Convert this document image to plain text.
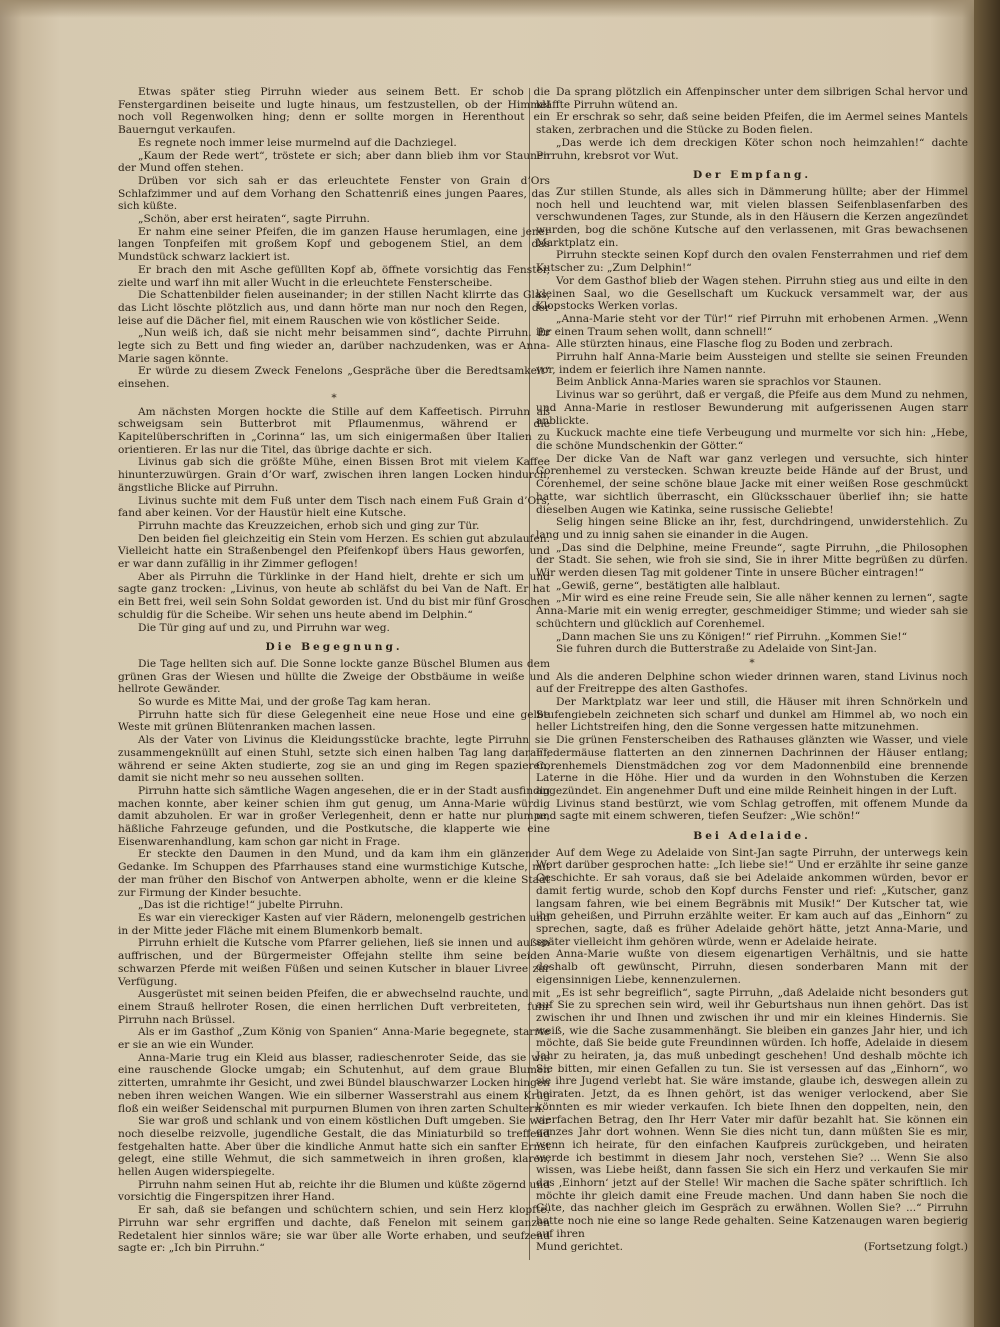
Etwas später stieg Pirruhn wieder aus seinem Bett. Er schob die Fenstergardinen beiseite und lugte hinaus, um festzustellen, ob der Himmel noch voll Regenwolken hing; denn er sollte morgen in Herenthout ein Bauerngut verkaufen.

Es regnete noch immer leise murmelnd auf die Dachziegel.

„Kaum der Rede wert“, tröstete er sich; aber dann blieb ihm vor Staunen der Mund offen stehen.

Drüben vor sich sah er das erleuchtete Fenster von Grain d’Ors Schlafzimmer und auf dem Vorhang den Schattenriß eines jungen Paares, das sich küßte.

„Schön, aber erst heiraten“, sagte Pirruhn.

Er nahm eine seiner Pfeifen, die im ganzen Hause herumlagen, eine jener langen Tonpfeifen mit großem Kopf und gebogenem Stiel, an dem das Mundstück schwarz lackiert ist.

Er brach den mit Asche gefüllten Kopf ab, öffnete vorsichtig das Fenster, zielte und warf ihn mit aller Wucht in die erleuchtete Fensterscheibe.

Die Schattenbilder fielen auseinander; in der stillen Nacht klirrte das Glas, das Licht löschte plötzlich aus, und dann hörte man nur noch den Regen, der leise auf die Dächer fiel, mit einem Rauschen wie von köstlicher Seide.

„Nun weiß ich, daß sie nicht mehr beisammen sind“, dachte Pirruhn. Er legte sich zu Bett und fing wieder an, darüber nachzudenken, was er Anna-Marie sagen könnte.

Er würde zu diesem Zweck Fenelons „Gespräche über die Beredtsamkeit“ einsehen.

*

Am nächsten Morgen hockte die Stille auf dem Kaffeetisch. Pirruhn aß schweigsam sein Butterbrot mit Pflaumenmus, während er die Kapitelüberschriften in „Corinna“ las, um sich einigermaßen über Italien zu orientieren. Er las nur die Titel, das übrige dachte er sich.

Livinus gab sich die größte Mühe, einen Bissen Brot mit vielem Kaffee hinunterzuwürgen. Grain d’Or warf, zwischen ihren langen Locken hindurch, ängstliche Blicke auf Pirruhn.

Livinus suchte mit dem Fuß unter dem Tisch nach einem Fuß Grain d’Ors, fand aber keinen. Vor der Haustür hielt eine Kutsche.

Pirruhn machte das Kreuzzeichen, erhob sich und ging zur Tür.

Den beiden fiel gleichzeitig ein Stein vom Herzen. Es schien gut abzulaufen. Vielleicht hatte ein Straßenbengel den Pfeifenkopf übers Haus geworfen, und er war dann zufällig in ihr Zimmer geflogen!

Aber als Pirruhn die Türklinke in der Hand hielt, drehte er sich um und sagte ganz trocken: „Livinus, von heute ab schläfst du bei Van de Naft. Er hat ein Bett frei, weil sein Sohn Soldat geworden ist. Und du bist mir fünf Groschen schuldig für die Scheibe. Wir sehen uns heute abend im Delphin.“

Die Tür ging auf und zu, und Pirruhn war weg.

Die Begegnung.

Die Tage hellten sich auf. Die Sonne lockte ganze Büschel Blumen aus dem grünen Gras der Wiesen und hüllte die Zweige der Obstbäume in weiße und hellrote Gewänder.

So wurde es Mitte Mai, und der große Tag kam heran.

Pirruhn hatte sich für diese Gelegenheit eine neue Hose und eine gelbe Weste mit grünen Blütenranken machen lassen.

Als der Vater von Livinus die Kleidungsstücke brachte, legte Pirruhn sie zusammengeknüllt auf einen Stuhl, setzte sich einen halben Tag lang darauf, während er seine Akten studierte, zog sie an und ging im Regen spazieren, damit sie nicht mehr so neu aussehen sollten.

Pirruhn hatte sich sämtliche Wagen angesehen, die er in der Stadt ausfindig machen konnte, aber keiner schien ihm gut genug, um Anna-Marie würdig damit abzuholen. Er war in großer Verlegenheit, denn er hatte nur plumpe, häßliche Fahrzeuge gefunden, und die Postkutsche, die klapperte wie eine Eisenwarenhandlung, kam schon gar nicht in Frage.

Er steckte den Daumen in den Mund, und da kam ihm ein glänzender Gedanke. Im Schuppen des Pfarrhauses stand eine wurmstichige Kutsche, mit der man früher den Bischof von Antwerpen abholte, wenn er die kleine Stadt zur Firmung der Kinder besuchte.

„Das ist die richtige!“ jubelte Pirruhn.

Es war ein viereckiger Kasten auf vier Rädern, melonengelb gestrichen und in der Mitte jeder Fläche mit einem Blumenkorb bemalt.

Pirruhn erhielt die Kutsche vom Pfarrer geliehen, ließ sie innen und außen auffrischen, und der Bürgermeister Offejahn stellte ihm seine beiden schwarzen Pferde mit weißen Füßen und seinen Kutscher in blauer Livree zur Verfügung.

Ausgerüstet mit seinen beiden Pfeifen, die er abwechselnd rauchte, und mit einem Strauß hellroter Rosen, die einen herrlichen Duft verbreiteten, fuhr Pirruhn nach Brüssel.

Als er im Gasthof „Zum König von Spanien“ Anna-Marie begegnete, starrte er sie an wie ein Wunder.

Anna-Marie trug ein Kleid aus blasser, radieschenroter Seide, das sie wie eine rauschende Glocke umgab; ein Schutenhut, auf dem graue Blumen zitterten, umrahmte ihr Gesicht, und zwei Bündel blauschwarzer Locken hingen neben ihren weichen Wangen. Wie ein silberner Wasserstrahl aus einem Krug floß ein weißer Seidenschal mit purpurnen Blumen von ihren zarten Schultern.

Sie war groß und schlank und von einem köstlichen Duft umgeben. Sie war noch dieselbe reizvolle, jugendliche Gestalt, die das Miniaturbild so treffend festgehalten hatte. Aber über die kindliche Anmut hatte sich ein sanfter Ernst gelegt, eine stille Wehmut, die sich sammetweich in ihren großen, klaren, hellen Augen widerspiegelte.

Pirruhn nahm seinen Hut ab, reichte ihr die Blumen und küßte zögernd und vorsichtig die Fingerspitzen ihrer Hand.

Er sah, daß sie befangen und schüchtern schien, und sein Herz klopfte. Pirruhn war sehr ergriffen und dachte, daß Fenelon mit seinem ganzen Redetalent hier sinnlos wäre; sie war über alle Worte erhaben, und seufzend sagte er: „Ich bin Pirruhn.“

Da sprang plötzlich ein Affenpinscher unter dem silbrigen Schal hervor und kläffte Pirruhn wütend an.

Er erschrak so sehr, daß seine beiden Pfeifen, die im Aermel seines Mantels staken, zerbrachen und die Stücke zu Boden fielen.

„Das werde ich dem dreckigen Köter schon noch heimzahlen!“ dachte Pirruhn, krebsrot vor Wut.

Der Empfang.

Zur stillen Stunde, als alles sich in Dämmerung hüllte; aber der Himmel noch hell und leuchtend war, mit vielen blassen Seifenblasenfarben des verschwundenen Tages, zur Stunde, als in den Häusern die Kerzen angezündet wurden, bog die schöne Kutsche auf den verlassenen, mit Gras bewachsenen Marktplatz ein.

Pirruhn steckte seinen Kopf durch den ovalen Fensterrahmen und rief dem Kutscher zu: „Zum Delphin!“

Vor dem Gasthof blieb der Wagen stehen. Pirruhn stieg aus und eilte in den kleinen Saal, wo die Gesellschaft um Kuckuck versammelt war, der aus Klopstocks Werken vorlas.

„Anna-Marie steht vor der Tür!“ rief Pirruhn mit erhobenen Armen. „Wenn ihr einen Traum sehen wollt, dann schnell!“

Alle stürzten hinaus, eine Flasche flog zu Boden und zerbrach.

Pirruhn half Anna-Marie beim Aussteigen und stellte sie seinen Freunden vor, indem er feierlich ihre Namen nannte.

Beim Anblick Anna-Maries waren sie sprachlos vor Staunen.

Livinus war so gerührt, daß er vergaß, die Pfeife aus dem Mund zu nehmen, und Anna-Marie in restloser Bewunderung mit aufgerissenen Augen starr anblickte.

Kuckuck machte eine tiefe Verbeugung und murmelte vor sich hin: „Hebe, die schöne Mundschenkin der Götter.“

Der dicke Van de Naft war ganz verlegen und versuchte, sich hinter Corenhemel zu verstecken. Schwan kreuzte beide Hände auf der Brust, und Corenhemel, der seine schöne blaue Jacke mit einer weißen Rose geschmückt hatte, war sichtlich überrascht, ein Glücksschauer überlief ihn; sie hatte dieselben Augen wie Katinka, seine russische Geliebte!

Selig hingen seine Blicke an ihr, fest, durchdringend, unwiderstehlich. Zu lang und zu innig sahen sie einander in die Augen.

„Das sind die Delphine, meine Freunde“, sagte Pirruhn, „die Philosophen der Stadt. Sie sehen, wie froh sie sind, Sie in ihrer Mitte begrüßen zu dürfen. Wir werden diesen Tag mit goldener Tinte in unsere Bücher eintragen!“

„Gewiß, gerne“, bestätigten alle halblaut.

„Mir wird es eine reine Freude sein, Sie alle näher kennen zu lernen“, sagte Anna-Marie mit ein wenig erregter, geschmeidiger Stimme; und wieder sah sie schüchtern und glücklich auf Corenhemel.

„Dann machen Sie uns zu Königen!“ rief Pirruhn. „Kommen Sie!“

Sie fuhren durch die Butterstraße zu Adelaide von Sint-Jan.

*

Als die anderen Delphine schon wieder drinnen waren, stand Livinus noch auf der Freitreppe des alten Gasthofes.

Der Marktplatz war leer und still, die Häuser mit ihren Schnörkeln und Stufengiebeln zeichneten sich scharf und dunkel am Himmel ab, wo noch ein heller Lichtstreifen hing, den die Sonne vergessen hatte mitzunehmen.

Die grünen Fensterscheiben des Rathauses glänzten wie Wasser, und viele Fledermäuse flatterten an den zinnernen Dachrinnen der Häuser entlang; Corenhemels Dienstmädchen zog vor dem Madonnenbild eine brennende Laterne in die Höhe. Hier und da wurden in den Wohnstuben die Kerzen angezündet. Ein angenehmer Duft und eine milde Reinheit hingen in der Luft.

Livinus stand bestürzt, wie vom Schlag getroffen, mit offenem Munde da und sagte mit einem schweren, tiefen Seufzer: „Wie schön!“

Bei Adelaide.

Auf dem Wege zu Adelaide von Sint-Jan sagte Pirruhn, der unterwegs kein Wort darüber gesprochen hatte: „Ich liebe sie!“ Und er erzählte ihr seine ganze Geschichte. Er sah voraus, daß sie bei Adelaide ankommen würden, bevor er damit fertig wurde, schob den Kopf durchs Fenster und rief: „Kutscher, ganz langsam fahren, wie bei einem Begräbnis mit Musik!“ Der Kutscher tat, wie ihm geheißen, und Pirruhn erzählte weiter. Er kam auch auf das „Einhorn“ zu sprechen, sagte, daß es früher Adelaide gehört hätte, jetzt Anna-Marie, und später vielleicht ihm gehören würde, wenn er Adelaide heirate.

Anna-Marie wußte von diesem eigenartigen Verhältnis, und sie hatte deshalb oft gewünscht, Pirruhn, diesen sonderbaren Mann mit der eigensinnigen Liebe, kennenzulernen.

„Es ist sehr begreiflich“, sagte Pirruhn, „daß Adelaide nicht besonders gut auf Sie zu sprechen sein wird, weil ihr Geburtshaus nun ihnen gehört. Das ist zwischen ihr und Ihnen und zwischen ihr und mir ein kleines Hindernis. Sie weiß, wie die Sache zusammenhängt. Sie bleiben ein ganzes Jahr hier, und ich möchte, daß Sie beide gute Freundinnen würden. Ich hoffe, Adelaide in diesem Jahr zu heiraten, ja, das muß unbedingt geschehen! Und deshalb möchte ich Sie bitten, mir einen Gefallen zu tun. Sie ist versessen auf das „Einhorn“, wo sie ihre Jugend verlebt hat. Sie wäre imstande, glaube ich, deswegen allein zu heiraten. Jetzt, da es Ihnen gehört, ist das weniger verlockend, aber Sie könnten es mir wieder verkaufen. Ich biete Ihnen den doppelten, nein, den vierfachen Betrag, den Ihr Herr Vater mir dafür bezahlt hat. Sie können ein ganzes Jahr dort wohnen. Wenn Sie dies nicht tun, dann müßten Sie es mir, wenn ich heirate, für den einfachen Kaufpreis zurückgeben, und heiraten werde ich bestimmt in diesem Jahr noch, verstehen Sie? ... Wenn Sie also wissen, was Liebe heißt, dann fassen Sie sich ein Herz und verkaufen Sie mir das ‚Einhorn‘ jetzt auf der Stelle! Wir machen die Sache später schriftlich. Ich möchte ihr gleich damit eine Freude machen. Und dann haben Sie noch die Güte, das nachher gleich im Gespräch zu erwähnen. Wollen Sie? ...“ Pirruhn hatte noch nie eine so lange Rede gehalten. Seine Katzenaugen waren begierig auf ihren

Mund gerichtet.	(Fortsetzung folgt.)
